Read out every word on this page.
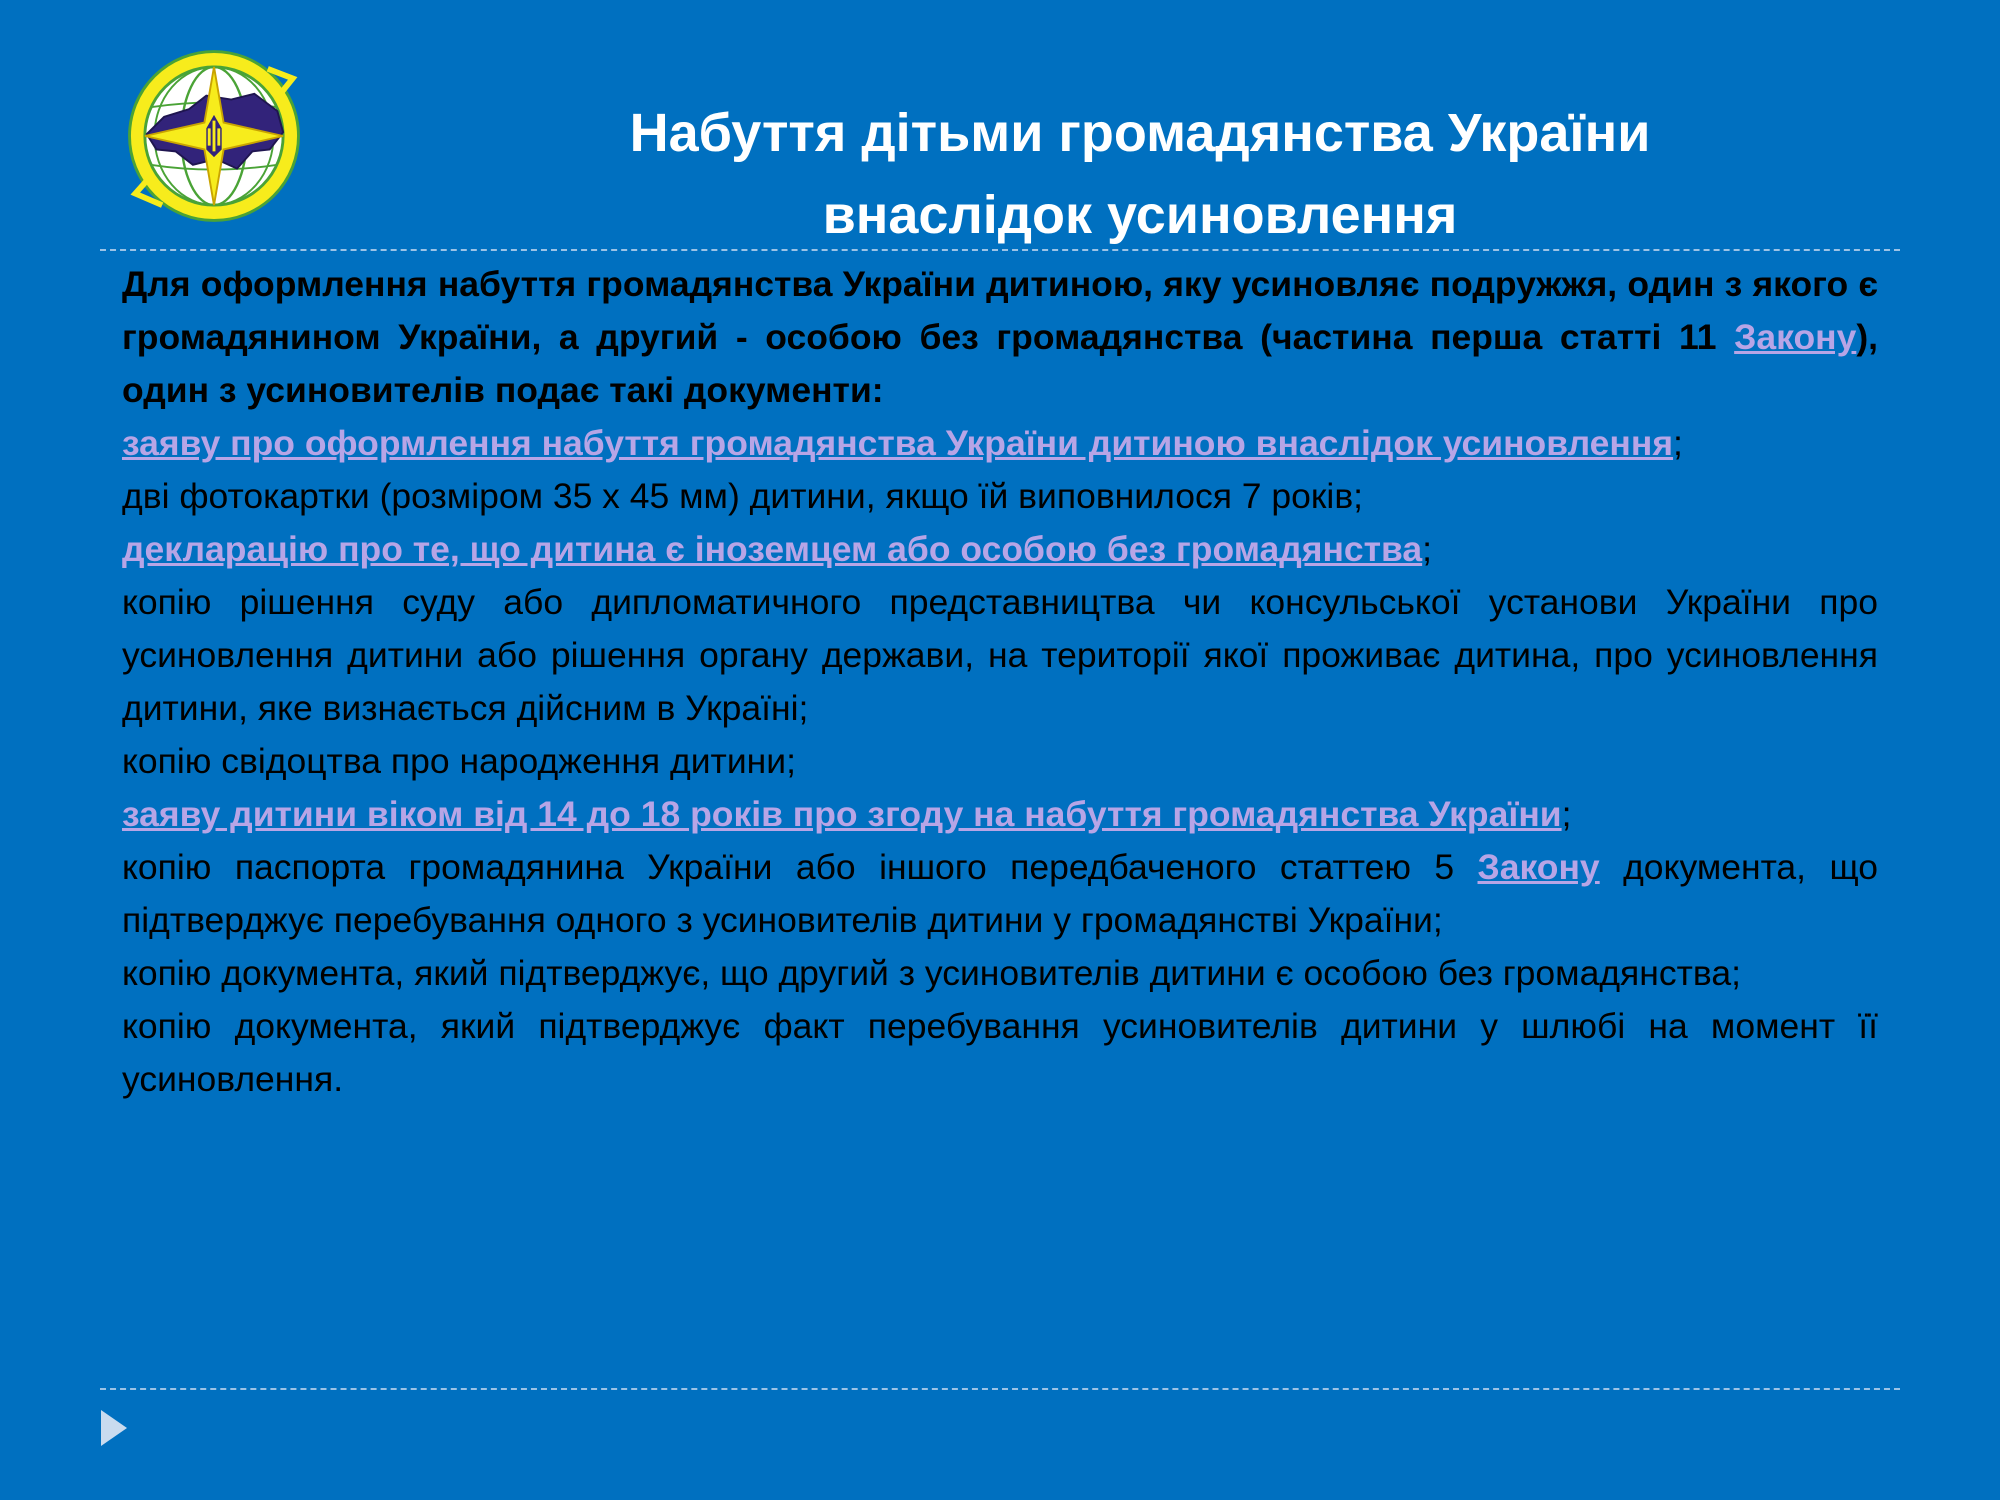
Набуття дітьми громадянства України
внаслідок усиновлення

Для оформлення набуття громадянства України дитиною, яку усиновляє подружжя, один з якого є громадянином України, а другий - особою без громадянства (частина перша статті 11 Закону), один з усиновителів подає такі документи:

заяву про оформлення набуття громадянства України дитиною внаслідок усиновлення;

дві фотокартки (розміром 35 х 45 мм) дитини, якщо їй виповнилося 7 років;

декларацію про те, що дитина є іноземцем або особою без громадянства;

копію рішення суду або дипломатичного представництва чи консульської установи України про усиновлення дитини або рішення органу держави, на території якої проживає дитина, про усиновлення дитини, яке визнається дійсним в Україні;

копію свідоцтва про народження дитини;

заяву дитини віком від 14 до 18 років про згоду на набуття громадянства України;

копію паспорта громадянина України або іншого передбаченого статтею 5 Закону документа, що підтверджує перебування одного з усиновителів дитини у громадянстві України;

копію документа, який підтверджує, що другий з усиновителів дитини є особою без громадянства;

копію документа, який підтверджує факт перебування усиновителів дитини у шлюбі на момент її усиновлення.
